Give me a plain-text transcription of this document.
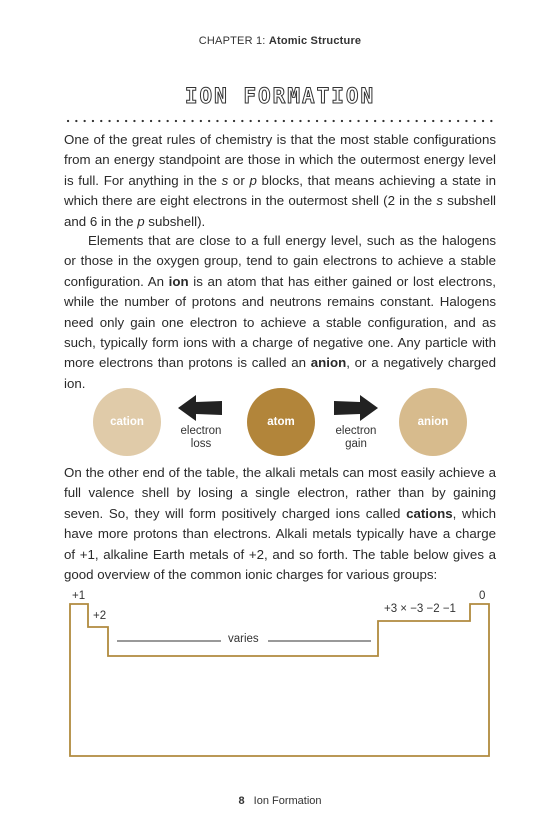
CHAPTER 1: Atomic Structure
ION FORMATION
One of the great rules of chemistry is that the most stable configurations from an energy standpoint are those in which the outermost energy level is full. For anything in the s or p blocks, that means achieving a state in which there are eight electrons in the outermost shell (2 in the s subshell and 6 in the p subshell).
Elements that are close to a full energy level, such as the halogens or those in the oxygen group, tend to gain electrons to achieve a stable configuration. An ion is an atom that has either gained or lost electrons, while the number of protons and neutrons remains constant. Halogens need only gain one electron to achieve a stable configuration, and as such, typically form ions with a charge of negative one. Any particle with more electrons than protons is called an anion, or a negatively charged ion.
cation	atom	anion
electron
loss
electron
gain
On the other end of the table, the alkali metals can most easily achieve a full valence shell by losing a single electron, rather than by gaining seven. So, they will form positively charged ions called cations, which have more protons than electrons. Alkali metals typically have a charge of +1, alkaline Earth metals of +2, and so forth. The table below gives a good overview of the common ionic charges for various groups:
+1
+2
+3 × −3 −2 −1
0
varies
8 Ion Formation
